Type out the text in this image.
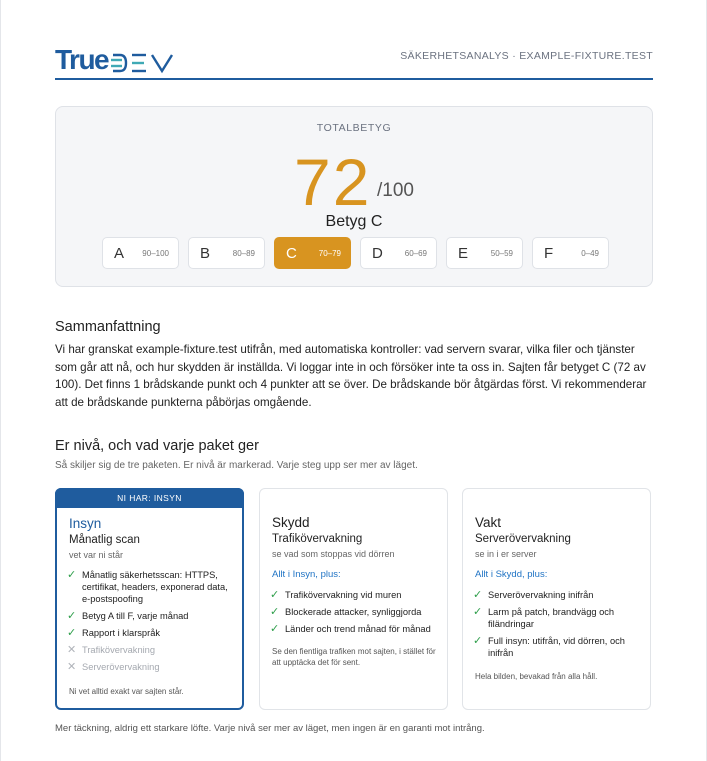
True DEV	SÄKERHETSANALYS · EXAMPLE-FIXTURE.TEST
TOTALBETYG
72 /100
Betyg C
A 90–100 B	80–89 C	70–79 D	60–69 E	50–59 F	0–49
Sammanfattning
Vi har granskat example-fixture.test utifrån, med automatiska kontroller: vad servern svarar, vilka filer och tjänster som går att nå, och hur skydden är inställda. Vi loggar inte in och försöker inte ta oss in. Sajten får betyget C (72 av 100). Det finns 1 brådskande punkt och 4 punkter att se över. De brådskande bör åtgärdas först. Vi rekommenderar att de brådskande punkterna påbörjas omgående.
Er nivå, och vad varje paket ger
Så skiljer sig de tre paketen. Er nivå är markerad. Varje steg upp ser mer av läget.
NI HAR: INSYN
Insyn
Månatlig scan
vet var ni står
✓ Månatlig säkerhetsscan: HTTPS, certifikat, headers, exponerad data, e-postspoofing
✓ Betyg A till F, varje månad
✓ Rapport i klarspråk
✕ Trafikövervakning
✕ Serverövervakning
Ni vet alltid exakt var sajten står.
Skydd
Trafikövervakning
se vad som stoppas vid dörren
Allt i Insyn, plus:
✓ Trafikövervakning vid muren
✓ Blockerade attacker, synliggjorda
✓ Länder och trend månad för månad
Se den fientliga trafiken mot sajten, i stället för att upptäcka det för sent.
Vakt
Serverövervakning
se in i er server
Allt i Skydd, plus:
✓ Serverövervakning inifrån
✓ Larm på patch, brandvägg och filändringar
✓ Full insyn: utifrån, vid dörren, och inifrån
Hela bilden, bevakad från alla håll.
Mer täckning, aldrig ett starkare löfte. Varje nivå ser mer av läget, men ingen är en garanti mot intrång.
